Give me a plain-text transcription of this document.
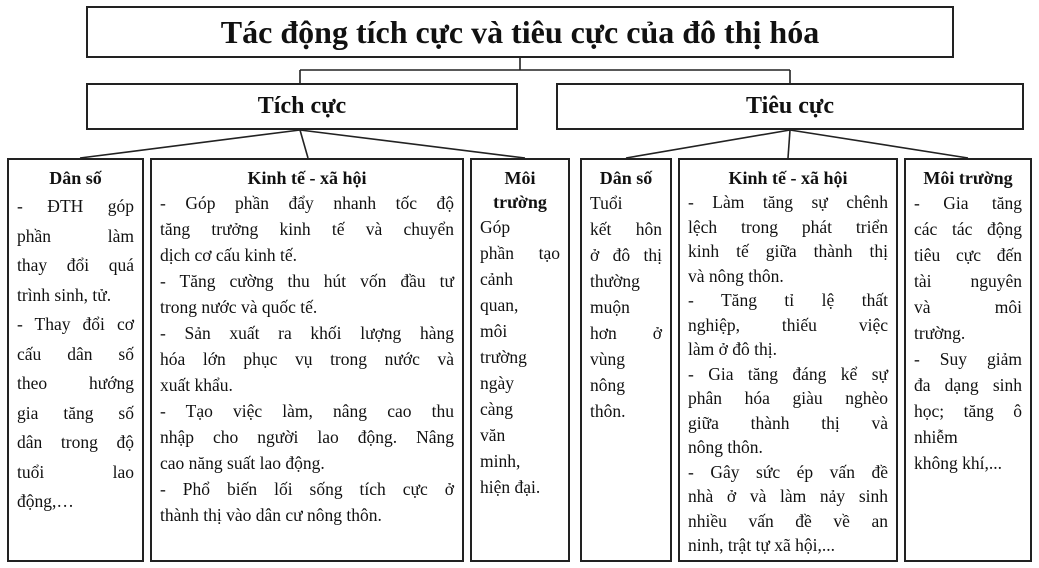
Tác động tích cực và tiêu cực của đô thị hóa
Tích cực	Tiêu cực
Dân số
- ĐTH góp
phần làm
thay đổi quá
trình sinh, tử.
- Thay đổi cơ
cấu dân số
theo hướng
gia tăng số
dân trong độ
tuổi lao
động,…
Kinh tế - xã hội
- Góp phần đẩy nhanh tốc độ
tăng trưởng kinh tế và chuyển
dịch cơ cấu kinh tế.
- Tăng cường thu hút vốn đầu tư
trong nước và quốc tế.
- Sản xuất ra khối lượng hàng
hóa lớn phục vụ trong nước và
xuất khẩu.
- Tạo việc làm, nâng cao thu
nhập cho người lao động. Nâng
cao năng suất lao động.
- Phổ biến lối sống tích cực ở
thành thị vào dân cư nông thôn.
Môi
trường
Góp
phần tạo
cảnh
quan,
môi
trường
ngày
càng
văn
minh,
hiện đại.
Dân số
Tuổi
kết hôn
ở đô thị
thường
muộn
hơn ở
vùng
nông
thôn.
Kinh tế - xã hội
- Làm tăng sự chênh
lệch trong phát triển
kinh tế giữa thành thị
và nông thôn.
- Tăng tỉ lệ thất
nghiệp, thiếu việc
làm ở đô thị.
- Gia tăng đáng kể sự
phân hóa giàu nghèo
giữa thành thị và
nông thôn.
- Gây sức ép vấn đề
nhà ở và làm nảy sinh
nhiều vấn đề về an
ninh, trật tự xã hội,...
Môi trường
- Gia tăng
các tác động
tiêu cực đến
tài nguyên
và môi
trường.
- Suy giảm
đa dạng sinh
học; tăng ô
nhiễm
không khí,...
